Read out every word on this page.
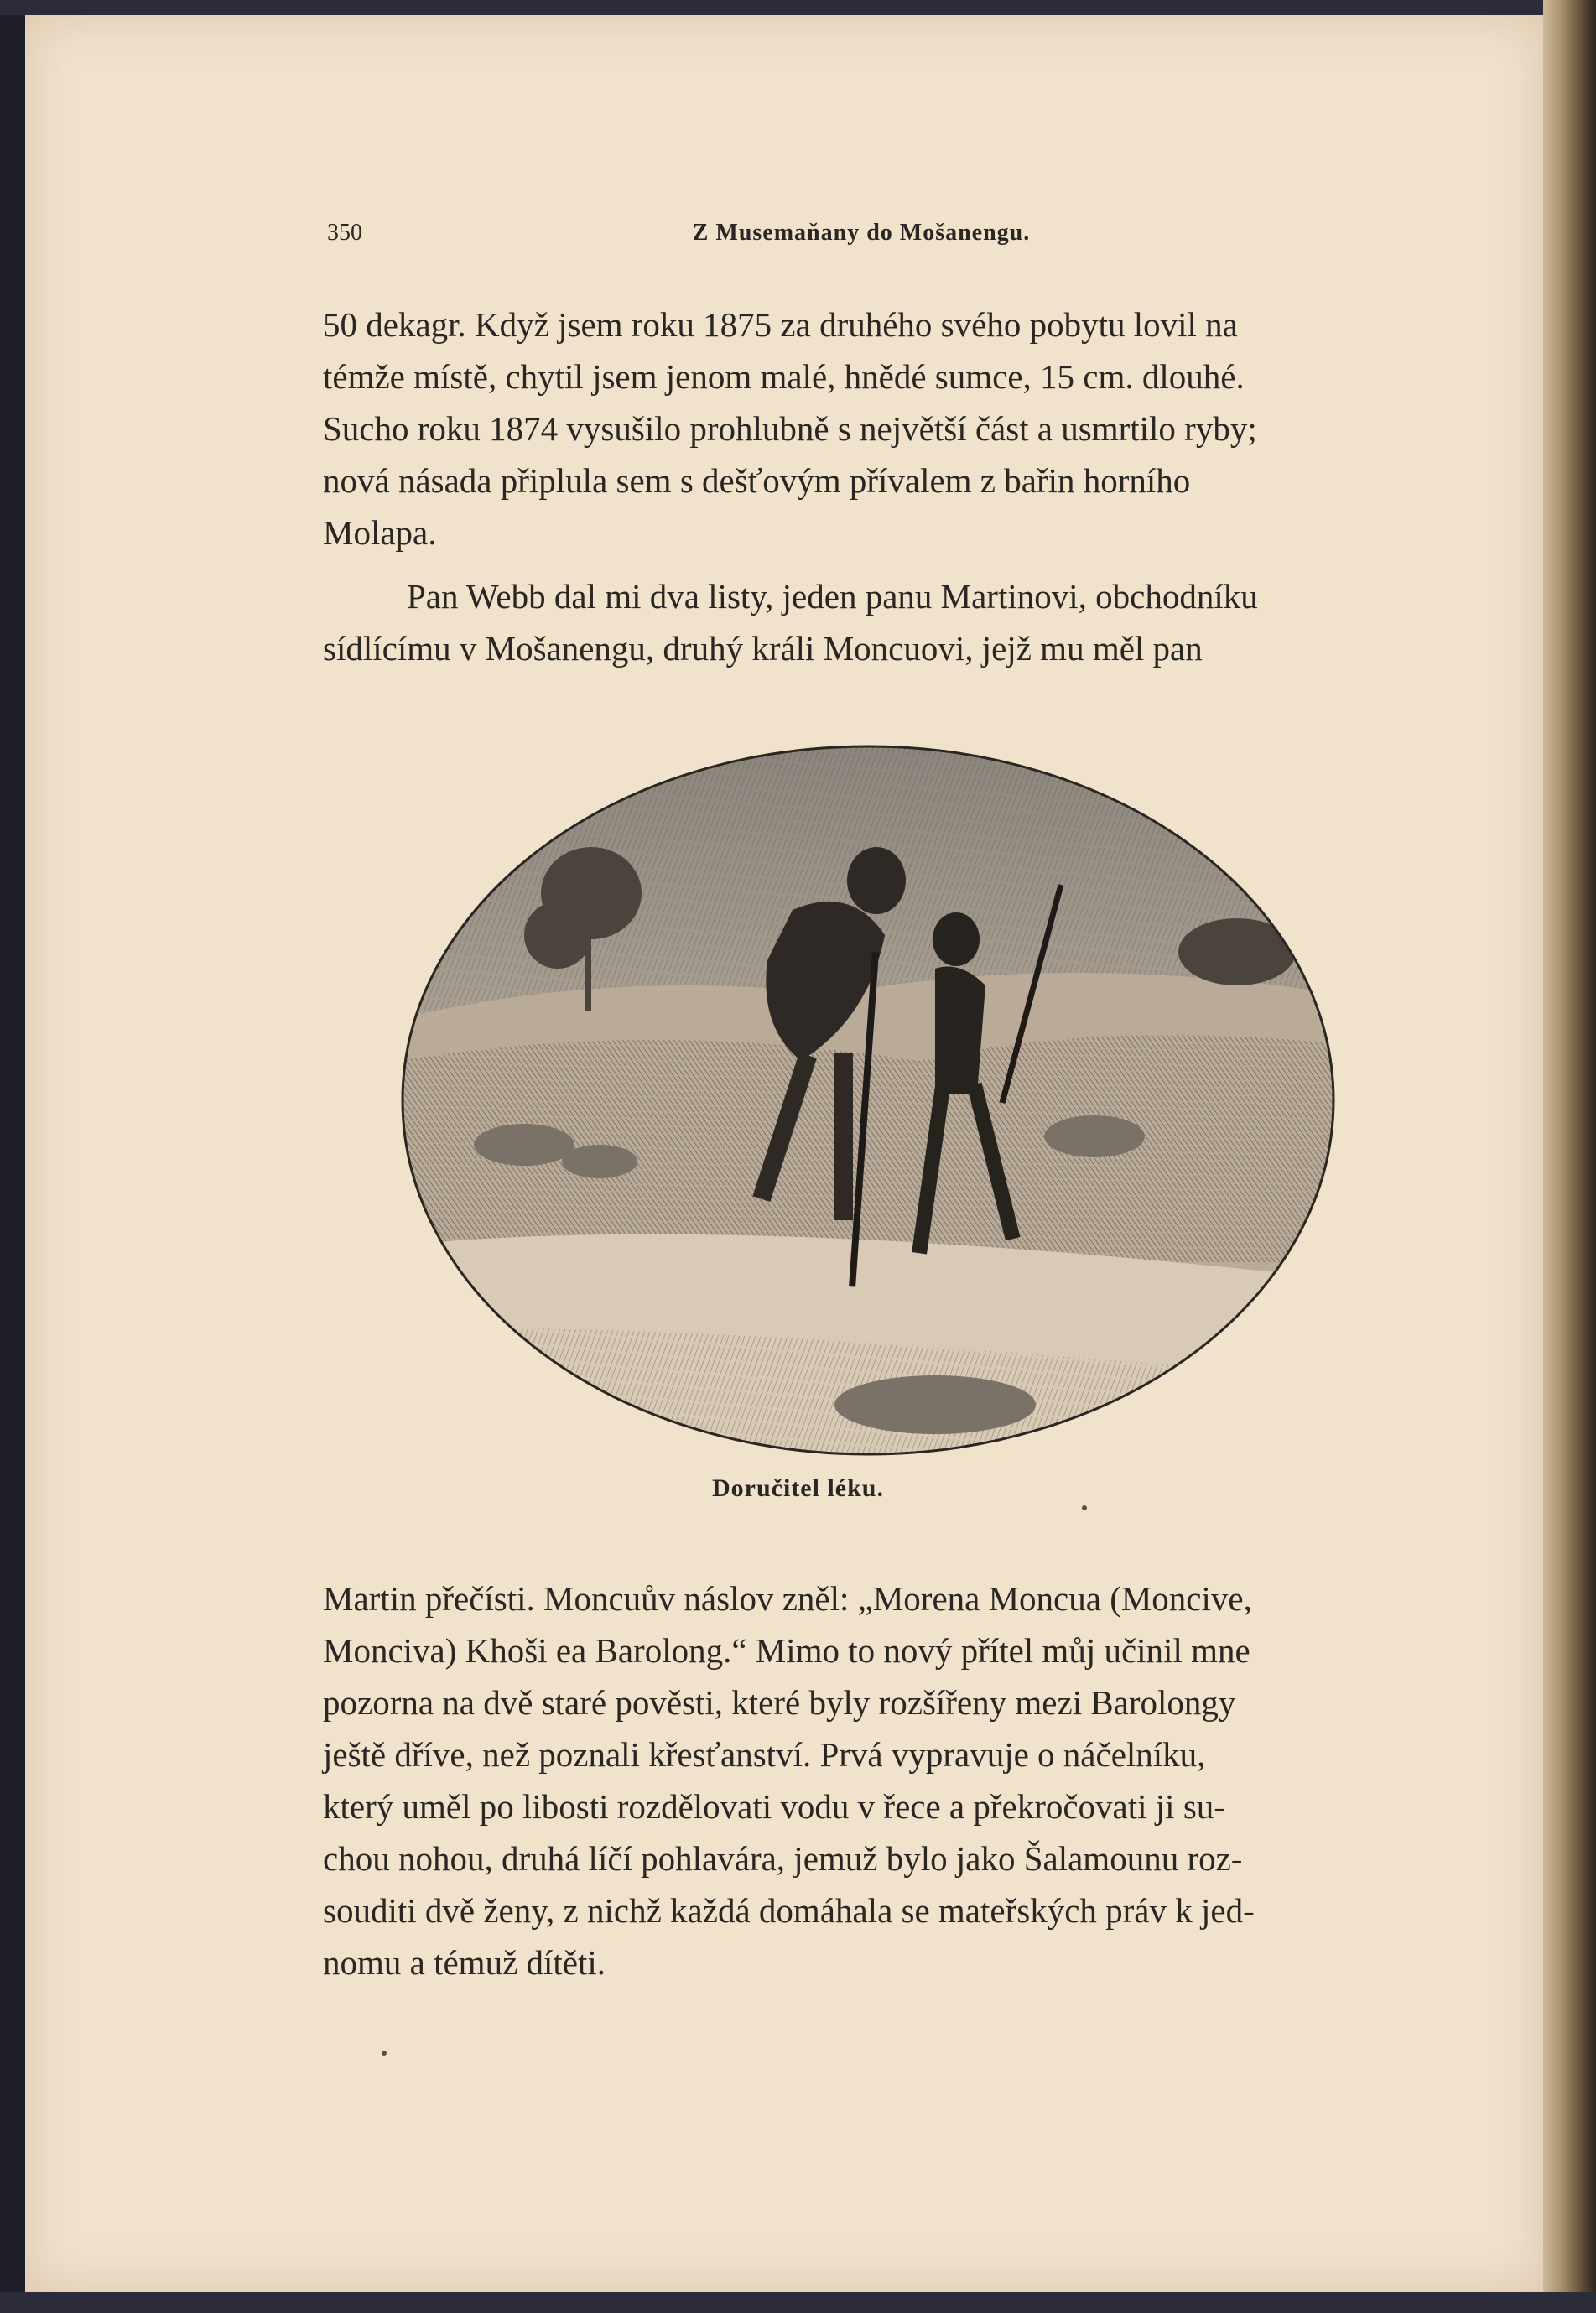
350	Z Musemaňany do Mošanengu.

50 dekagr. Když jsem roku 1875 za druhého svého pobytu lovil na
témže místě, chytil jsem jenom malé, hnědé sumce, 15 cm. dlouhé.
Sucho roku 1874 vysušilo prohlubně s největší část a usmrtilo ryby;
nová násada připlula sem s dešťovým přívalem z bařin horního
Molapa.

Pan Webb dal mi dva listy, jeden panu Martinovi, obchodníku
sídlícímu v Mošanengu, druhý králi Moncuovi, jejž mu měl pan

Doručitel léku.

Martin přečísti. Moncuův náslov zněl: „Morena Moncua (Moncive,
Monciva) Khoši ea Barolong.“ Mimo to nový přítel můj učinil mne
pozorna na dvě staré pověsti, které byly rozšířeny mezi Barolongy
ještě dříve, než poznali křesťanství. Prvá vypravuje o náčelníku,
který uměl po libosti rozdělovati vodu v řece a překročovati ji su-
chou nohou, druhá líčí pohlavára, jemuž bylo jako Šalamounu roz-
souditi dvě ženy, z nichž každá domáhala se mateřských práv k jed-
nomu a témuž dítěti.
